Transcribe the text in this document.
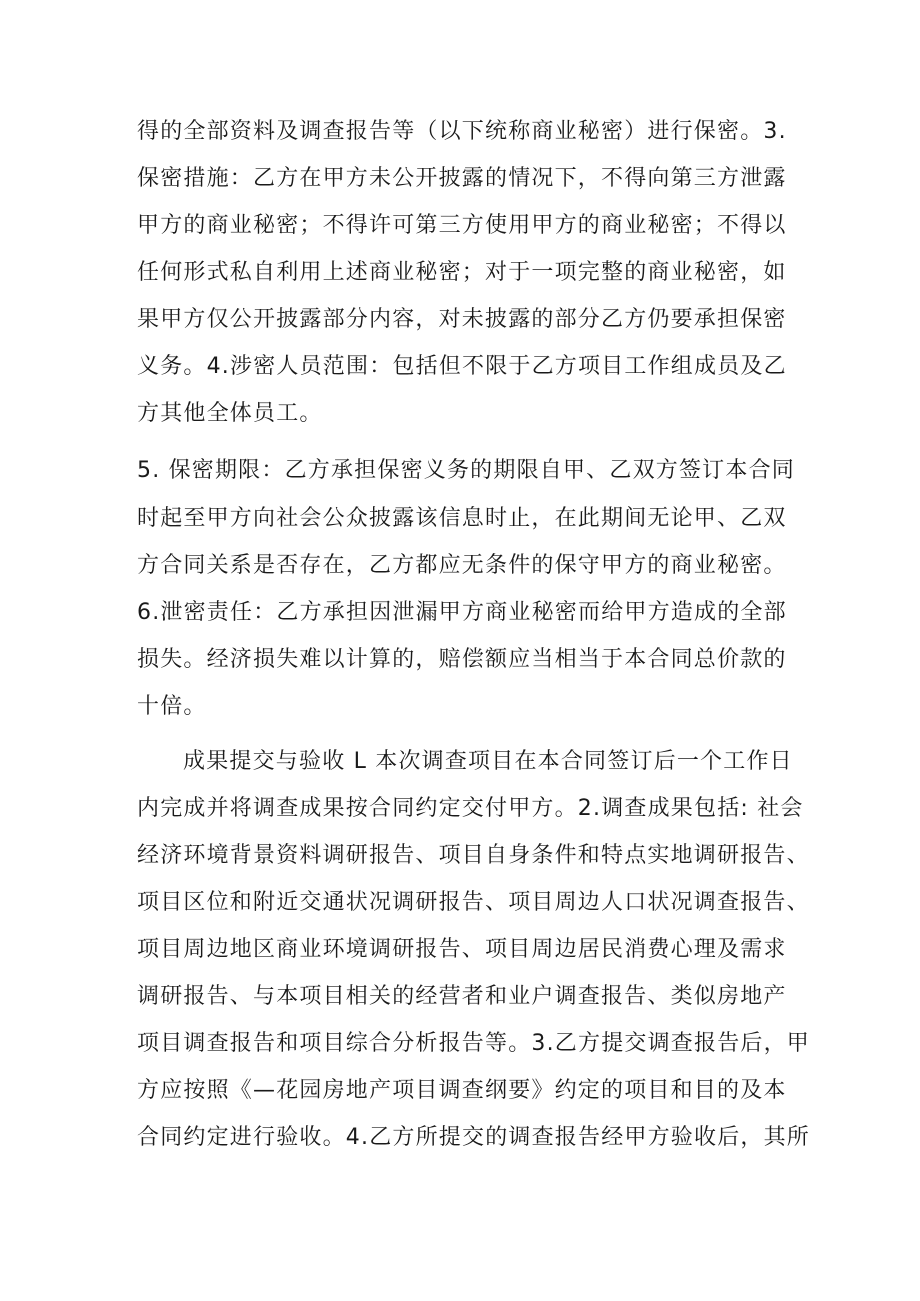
得的全部资料及调查报告等（以下统称商业秘密）进行保密。3.
保密措施：乙方在甲方未公开披露的情况下，不得向第三方泄露
甲方的商业秘密；不得许可第三方使用甲方的商业秘密；不得以
任何形式私自利用上述商业秘密；对于一项完整的商业秘密，如
果甲方仅公开披露部分内容，对未披露的部分乙方仍要承担保密
义务。4.涉密人员范围：包括但不限于乙方项目工作组成员及乙
方其他全体员工。
5. 保密期限：乙方承担保密义务的期限自甲、乙双方签订本合同
时起至甲方向社会公众披露该信息时止，在此期间无论甲、乙双
方合同关系是否存在，乙方都应无条件的保守甲方的商业秘密。
6.泄密责任：乙方承担因泄漏甲方商业秘密而给甲方造成的全部
损失。经济损失难以计算的，赔偿额应当相当于本合同总价款的
十倍。
成果提交与验收 L 本次调查项目在本合同签订后一个工作日
内完成并将调查成果按合同约定交付甲方。2.调查成果包括: 社会
经济环境背景资料调研报告、项目自身条件和特点实地调研报告、
项目区位和附近交通状况调研报告、项目周边人口状况调查报告、
项目周边地区商业环境调研报告、项目周边居民消费心理及需求
调研报告、与本项目相关的经营者和业户调查报告、类似房地产
项目调查报告和项目综合分析报告等。3.乙方提交调查报告后，甲
方应按照《—花园房地产项目调查纲要》约定的项目和目的及本
合同约定进行验收。4.乙方所提交的调查报告经甲方验收后，其所
